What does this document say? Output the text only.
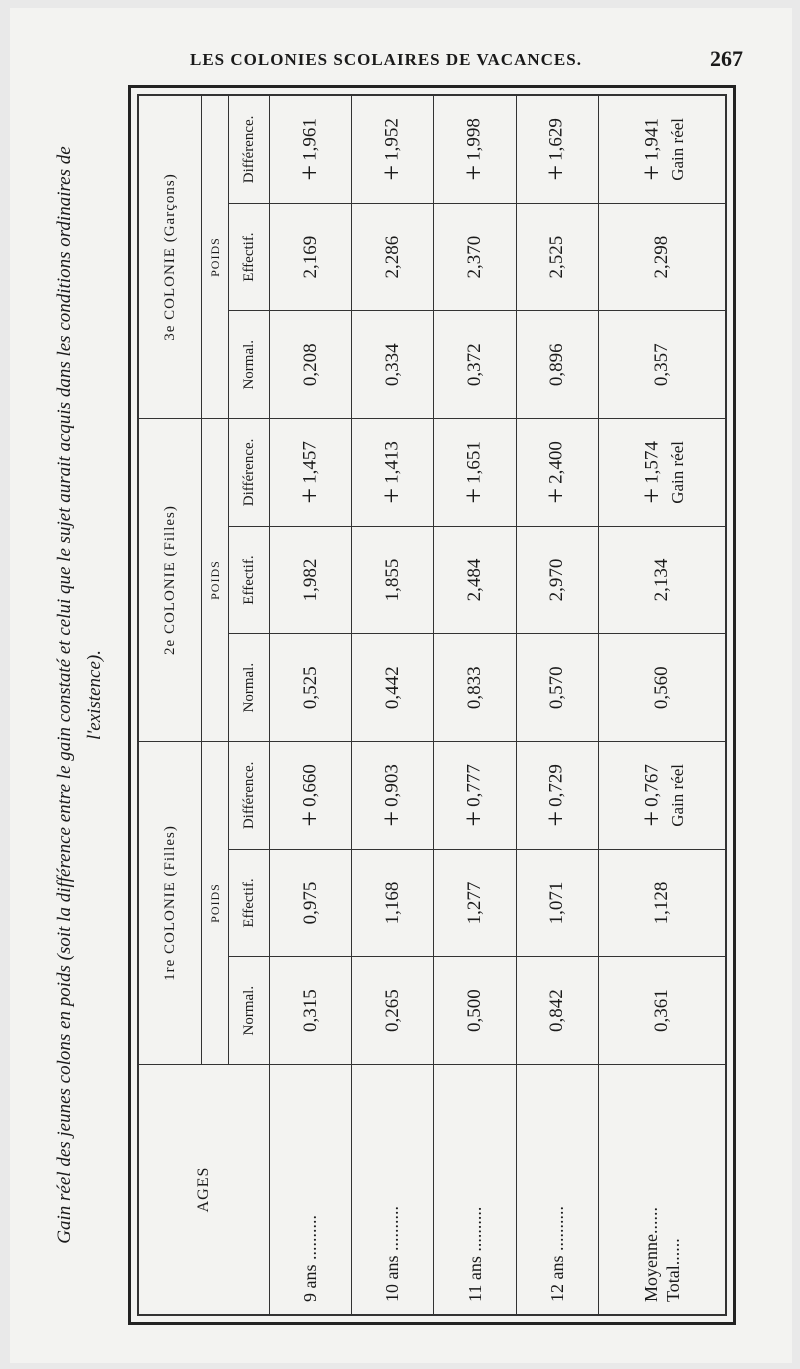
LES COLONIES SCOLAIRES DE VACANCES.	267
Gain réel des jeunes colons en poids (soit la différence entre le gain constaté et celui que le sujet aurait acquis dans les conditions ordinaires de l'existence).
AGES	1re COLONIE (Filles)			2e COLONIE (Filles)			3e COLONIE (Garçons)		
	POIDS			POIDS			POIDS		
	Normal.	Effectif.	Différence.	Normal.	Effectif.	Différence.	Normal.	Effectif.	Différence.
9 ans ..........	0,315	0,975	+0,660	0,525	1,982	+1,457	0,208	2,169	+1,961
10 ans ..........	0,265	1,168	+0,903	0,442	1,855	+1,413	0,334	2,286	+1,952
11 ans ..........	0,500	1,277	+0,777	0,833	2,484	+1,651	0,372	2,370	+1,998
12 ans ..........	0,842	1,071	+0,729	0,570	2,970	+2,400	0,896	2,525	+1,629

Moyenne...... Total......	0,361	1,128	+0,767 Gain réel	0,560	2,134	+1,574 Gain réel	0,357	2,298	+1,941 Gain réel
